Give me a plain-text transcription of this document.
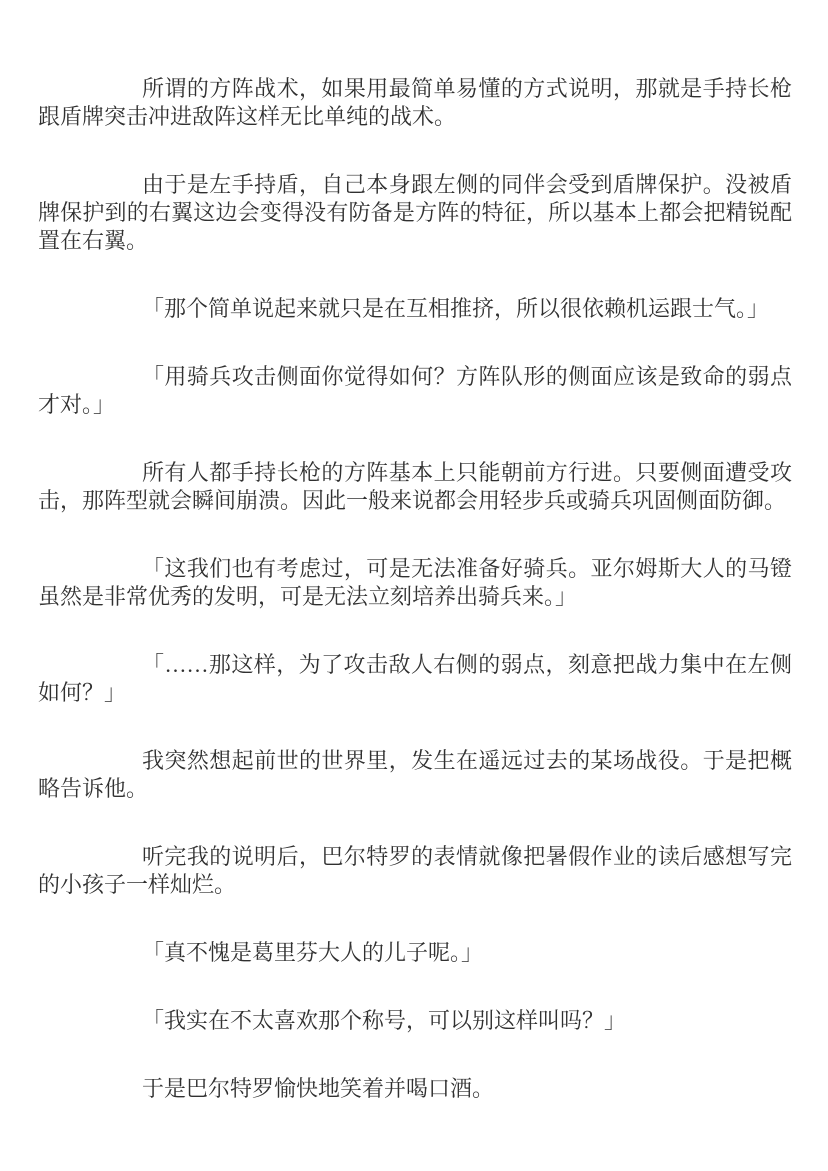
所谓的方阵战术，如果用最简单易懂的方式说明，那就是手持长枪跟盾牌突击冲进敌阵这样无比单纯的战术。

由于是左手持盾，自己本身跟左侧的同伴会受到盾牌保护。没被盾牌保护到的右翼这边会变得没有防备是方阵的特征，所以基本上都会把精锐配置在右翼。

「那个简单说起来就只是在互相推挤，所以很依赖机运跟士气。」

「用骑兵攻击侧面你觉得如何？方阵队形的侧面应该是致命的弱点才对。」

所有人都手持长枪的方阵基本上只能朝前方行进。只要侧面遭受攻击，那阵型就会瞬间崩溃。因此一般来说都会用轻步兵或骑兵巩固侧面防御。

「这我们也有考虑过，可是无法准备好骑兵。亚尔姆斯大人的马镫虽然是非常优秀的发明，可是无法立刻培养出骑兵来。」

「……那这样，为了攻击敌人右侧的弱点，刻意把战力集中在左侧如何？」

我突然想起前世的世界里，发生在遥远过去的某场战役。于是把概略告诉他。

听完我的说明后，巴尔特罗的表情就像把暑假作业的读后感想写完的小孩子一样灿烂。

「真不愧是葛里芬大人的儿子呢。」

「我实在不太喜欢那个称号，可以别这样叫吗？」

于是巴尔特罗愉快地笑着并喝口酒。
